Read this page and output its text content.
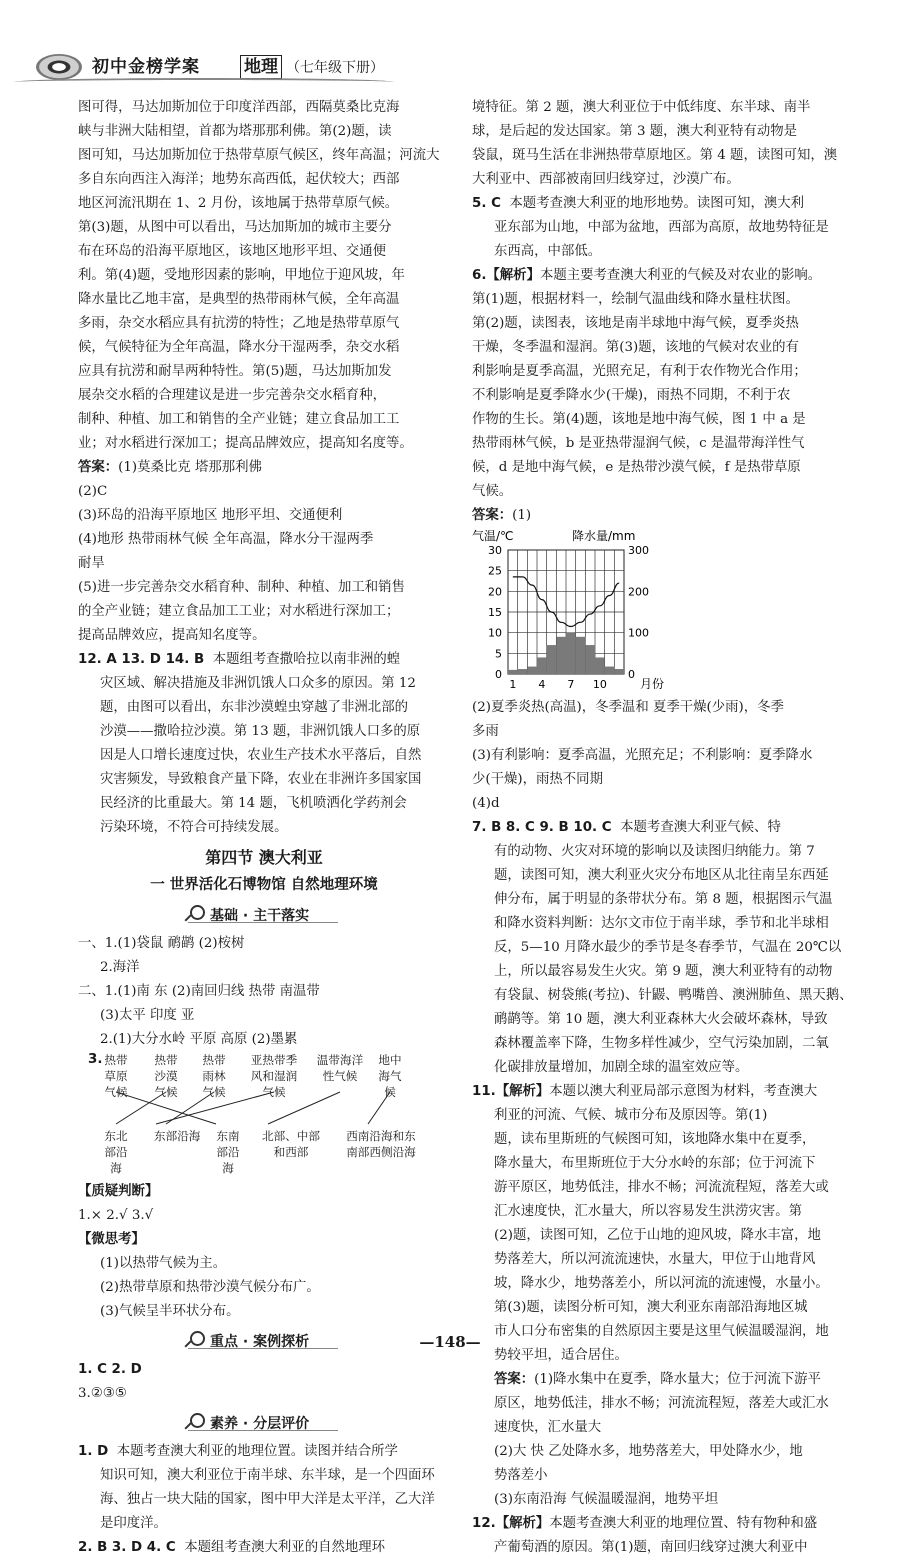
初中金榜学案	地理 （七年级下册）

图可得，马达加斯加位于印度洋西部，西隔莫桑比克海

峡与非洲大陆相望，首都为塔那那利佛。第(2)题，读

图可知，马达加斯加位于热带草原气候区，终年高温；河流大

多自东向西注入海洋；地势东高西低，起伏较大；西部

地区河流汛期在 1、2 月份，该地属于热带草原气候。

第(3)题，从图中可以看出，马达加斯加的城市主要分

布在环岛的沿海平原地区，该地区地形平坦、交通便

利。第(4)题，受地形因素的影响，甲地位于迎风坡，年

降水量比乙地丰富，是典型的热带雨林气候，全年高温

多雨，杂交水稻应具有抗涝的特性；乙地是热带草原气

候，气候特征为全年高温，降水分干湿两季，杂交水稻

应具有抗涝和耐旱两种特性。第(5)题，马达加斯加发

展杂交水稻的合理建议是进一步完善杂交水稻育种，

制种、种植、加工和销售的全产业链；建立食品加工工

业；对水稻进行深加工；提高品牌效应，提高知名度等。

答案：(1)莫桑比克 塔那那利佛

(2)C

(3)环岛的沿海平原地区 地形平坦、交通便利

(4)地形 热带雨林气候 全年高温，降水分干湿两季

耐旱

(5)进一步完善杂交水稻育种、制种、种植、加工和销售

的全产业链；建立食品加工工业；对水稻进行深加工；

提高品牌效应，提高知名度等。

12. A 13. D 14. B 本题组考查撒哈拉以南非洲的蝗

灾区域、解决措施及非洲饥饿人口众多的原因。第 12

题，由图可以看出，东非沙漠蝗虫穿越了非洲北部的

沙漠——撒哈拉沙漠。第 13 题，非洲饥饿人口多的原

因是人口增长速度过快，农业生产技术水平落后，自然

灾害频发，导致粮食产量下降，农业在非洲许多国家国

民经济的比重最大。第 14 题，飞机喷洒化学药剂会

污染环境，不符合可持续发展。

第四节 澳大利亚
一 世界活化石博物馆 自然地理环境
基础 · 主干落实

一、1.(1)袋鼠 鸸鹋 (2)桉树

2.海洋

二、1.(1)南 东 (2)南回归线 热带 南温带

(3)太平 印度 亚

2.(1)大分水岭 平原 高原 (2)墨累

3. 热带草原气候
热带沙漠气候
热带雨林气候
亚热带季风和湿润气候
温带海洋性气候
地中海气候
东北部沿海
东部沿海	东南部沿海
北部、中部和西部
西南沿海和东南部西侧沿海

【质疑判断】

1.× 2.√ 3.√

【微思考】

(1)以热带气候为主。

(2)热带草原和热带沙漠气候分布广。

(3)气候呈半环状分布。

重点 · 案例探析

1. C 2. D

3.②③⑤

素养 · 分层评价

1. D 本题考查澳大利亚的地理位置。读图并结合所学

知识可知，澳大利亚位于南半球、东半球，是一个四面环

海、独占一块大陆的国家，图中甲大洋是太平洋，乙大洋

是印度洋。

2. B 3. D 4. C 本题组考查澳大利亚的自然地理环

境特征。第 2 题，澳大利亚位于中低纬度、东半球、南半

球，是后起的发达国家。第 3 题，澳大利亚特有动物是

袋鼠，斑马生活在非洲热带草原地区。第 4 题，读图可知，澳

大利亚中、西部被南回归线穿过，沙漠广布。

5. C 本题考查澳大利亚的地形地势。读图可知，澳大利

亚东部为山地，中部为盆地，西部为高原，故地势特征是

东西高，中部低。

6.【解析】本题主要考查澳大利亚的气候及对农业的影响。

第(1)题，根据材料一，绘制气温曲线和降水量柱状图。

第(2)题，读图表，该地是南半球地中海气候，夏季炎热

干燥，冬季温和湿润。第(3)题，该地的气候对农业的有

利影响是夏季高温，光照充足，有利于农作物光合作用；

不利影响是夏季降水少(干燥)，雨热不同期，不利于农

作物的生长。第(4)题，该地是地中海气候，图 1 中 a 是

热带雨林气候，b 是亚热带湿润气候，c 是温带海洋性气

候，d 是地中海气候，e 是热带沙漠气候，f 是热带草原

气候。

答案：(1)

气温/℃	降水量/mm
月份
30
25
20
15
10
5
0
300
200
100
0
1 4 7 10

(2)夏季炎热(高温)，冬季温和 夏季干燥(少雨)，冬季

多雨

(3)有利影响：夏季高温，光照充足；不利影响：夏季降水

少(干燥)，雨热不同期

(4)d

7. B 8. C 9. B 10. C 本题考查澳大利亚气候、特

有的动物、火灾对环境的影响以及读图归纳能力。第 7

题，读图可知，澳大利亚火灾分布地区从北往南呈东西延

伸分布，属于明显的条带状分布。第 8 题，根据图示气温

和降水资料判断：达尔文市位于南半球，季节和北半球相

反，5—10 月降水最少的季节是冬春季节，气温在 20℃以

上，所以最容易发生火灾。第 9 题，澳大利亚特有的动物

有袋鼠、树袋熊(考拉)、针鼹、鸭嘴兽、澳洲肺鱼、黑天鹅、

鸸鹋等。第 10 题，澳大利亚森林大火会破坏森林，导致

森林覆盖率下降，生物多样性减少，空气污染加剧，二氧

化碳排放量增加，加剧全球的温室效应等。

11.【解析】本题以澳大利亚局部示意图为材料，考查澳大

利亚的河流、气候、城市分布及原因等。第(1)

题，读布里斯班的气候图可知，该地降水集中在夏季，

降水量大，布里斯班位于大分水岭的东部；位于河流下

游平原区，地势低洼，排水不畅；河流流程短，落差大或

汇水速度快，汇水量大，所以容易发生洪涝灾害。第

(2)题，读图可知，乙位于山地的迎风坡，降水丰富，地

势落差大，所以河流流速快，水量大，甲位于山地背风

坡，降水少，地势落差小，所以河流的流速慢，水量小。

第(3)题，读图分析可知，澳大利亚东南部沿海地区城

市人口分布密集的自然原因主要是这里气候温暖湿润，地

势较平坦，适合居住。

答案：(1)降水集中在夏季，降水量大；位于河流下游平

原区，地势低洼，排水不畅；河流流程短，落差大或汇水

速度快，汇水量大

(2)大 快 乙处降水多，地势落差大，甲处降水少，地

势落差小

(3)东南沿海 气候温暖湿润，地势平坦

12.【解析】本题考查澳大利亚的地理位置、特有物种和盛

产葡萄酒的原因。第(1)题，南回归线穿过澳大利亚中

—148—
